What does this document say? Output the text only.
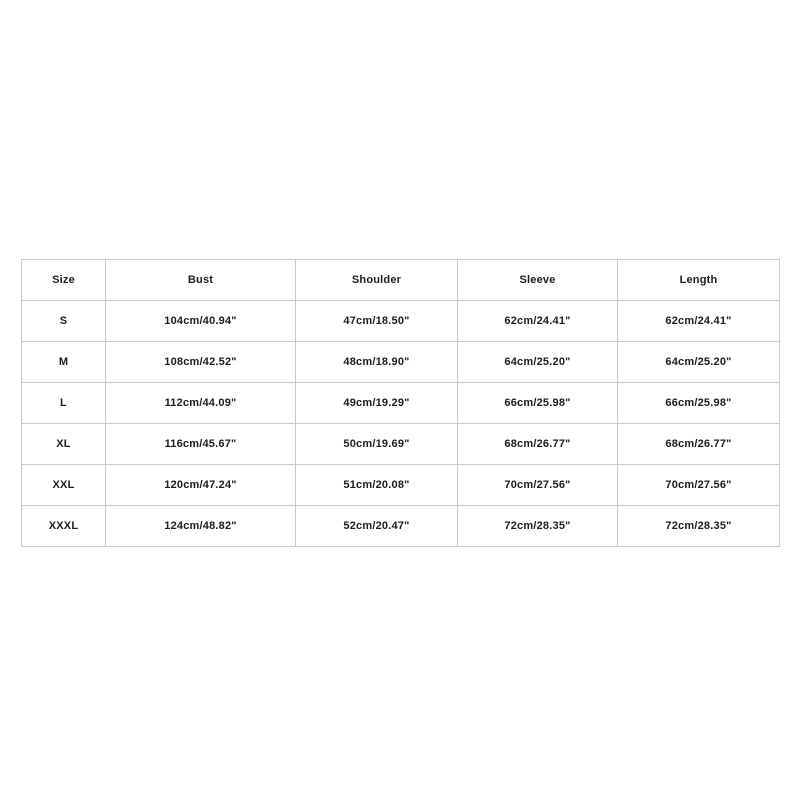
Size	Bust	Shoulder	Sleeve	Length
S	104cm/40.94"	47cm/18.50"	62cm/24.41"	62cm/24.41"
M	108cm/42.52"	48cm/18.90"	64cm/25.20"	64cm/25.20"
L	112cm/44.09"	49cm/19.29"	66cm/25.98"	66cm/25.98"
XL	116cm/45.67"	50cm/19.69"	68cm/26.77"	68cm/26.77"
XXL	120cm/47.24"	51cm/20.08"	70cm/27.56"	70cm/27.56"
XXXL	124cm/48.82"	52cm/20.47"	72cm/28.35"	72cm/28.35"
